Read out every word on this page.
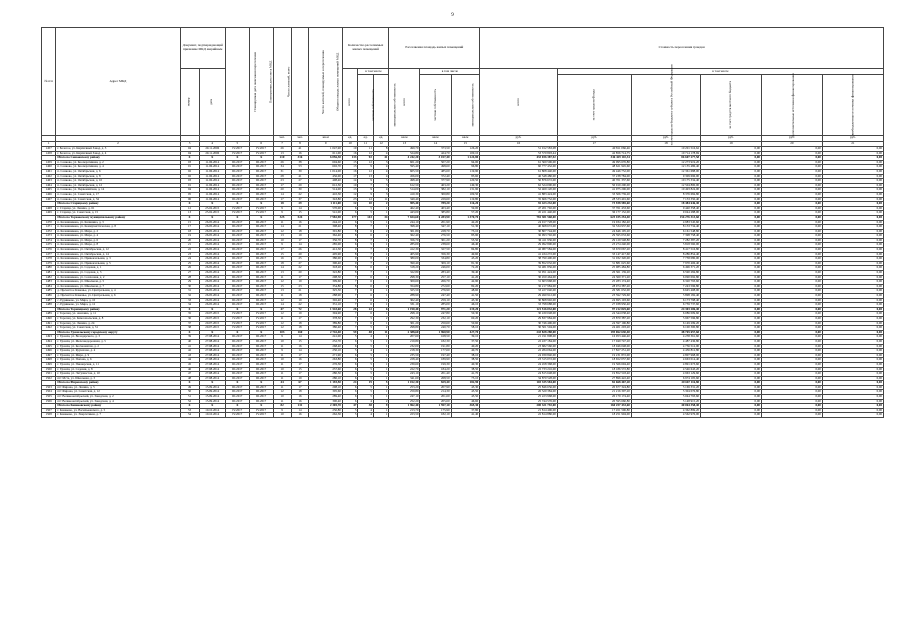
9
№ п/п	Адрес МКД	Документ, подтверждающий признание МКД аварийным		Планируемая дата окончания переселения	Планируемая дата сноса МКД	Число жителей, всего	Число жителей, планируемых к переселению	Общая площадь жилых помещений МКД	Количество расселяемых жилых помещений			Расселяемая площадь жилых помещений			Стоимость переселения граждан					
		номер	дата						всего	в том числе		всего	в том числе		всего	в том числе				
										частная собственность	муниципальная собственность		частная собственность	муниципальная собственность		за счет средств Фонда	за счет средств бюджета субъекта Российской Федерации	за счет средств местного бюджета	дополнительные источники финансирования	внебюджетные источники финансирования
						чел.	чел.	кв.м	ед.	ед.	ед.	кв.м	кв.м	кв.м	руб.	руб.	руб.	руб.	руб.	руб.
1	2	3	4	5	6	7	8	9	10	11	12	13	14	15	16	17	18	19	20	21
1457	г. Бологое, ул. Кирпичный Завод, д. 3	04	29.11.2006	IV.2017	IV.2017	26	41	1 047,90	19	11	8	499,70	373,50	126,20	51 012 583,08	40 811 066,46	10 201 516,62	0,00	0,00	0,00
1458	г. Бологое, ул. Кирпичный Завод, д. 4	04	29.11.2006	IV.2017	IV.2017	13	16	611,00	16	12	4	524,80	424,70	100,10	53 570 893,44	42 856 714,75	10 714 178,69	0,00	0,00	0,00
	Итого по Сонковскому району	X	X	X	X	210	316	6 056,30	133	92	41	4 242,20	3 017,40	1 224,80	433 036 387,92	346 429 110,34	86 607 277,58	0,00	0,00	0,00
1459	п. Сонково, ул. Кооперативная, д. 2	03	11.06.2014	III.2017	III.2017	26	38	604,60	15	12	3	601,20	507,20	94,00	61 369 596,00	49 095 676,80	12 273 919,20	0,00	0,00	0,00
1460	п. Сонково, ул. Кооперативная, д. 4	01	11.06.2014	III.2017	III.2017	34	53	602,70	13	9	4	595,40	498,60	96,80	60 777 432,00	48 621 945,60	12 155 486,40	0,00	0,00	0,00
1461	п. Сонково, ул. Октябрьская, д. 6	02	11.06.2014	III.2017	III.2017	31	39	1 014,00	16	12	4	605,50	485,60	119,90	61 808 440,00	49 446 752,00	12 361 688,00	0,00	0,00	0,00
1462	п. Сонково, ул. Октябрьская, д. 8	02	11.06.2014	III.2017	III.2017	28	41	456,00	17	13	4	456,00	372,40	83,60	46 548 480,00	37 238 784,00	9 309 696,00	0,00	0,00	0,00
1463	п. Сонково, ул. Октябрьская, д. 10	03	11.06.2014	III.2017	III.2017	23	27	498,40	14	9	5	498,40	377,90	120,50	50 876 672,00	40 701 337,60	10 175 334,40	0,00	0,00	0,00
1464	п. Сонково, ул. Октябрьская, д. 12	01	11.06.2014	III.2017	III.2017	17	29	612,50	10	7	3	612,50	463,20	149,30	62 524 000,00	50 019 200,00	12 504 800,00	0,00	0,00	0,00
1465	п. Сонково, ул. Первомайская, д. 14	04	11.06.2014	III.2017	III.2017	20	30	514,00	13	9	4	514,00	382,10	131,90	52 469 120,00	41 975 296,00	10 493 824,00	0,00	0,00	0,00
1466	п. Сонково, ул. Советская, д. 17	05	11.06.2014	III.2017	III.2017	14	22	410,30	12	9	3	410,30	300,80	109,50	41 883 424,00	33 506 739,20	8 376 684,80	0,00	0,00	0,00
1467	п. Сонково, ул. Советская, д. 34	06	11.06.2014	III.2017	III.2017	17	37	343,80	23	12	11	349,40	229,60	119,80	35 666 752,00	28 533 401,60	7 133 350,40	0,00	0,00	0,00
	Итого по Старицкому району	X	X	X	X	18	29	1 111,00	12	10	2	905,40	789,20	116,20	92 423 232,00	73 938 585,60	18 484 646,40	0,00	0,00	0,00
1468	г. Старица, ул. Ленина, д. 61	12	25.02.2015	IV.2017	IV.2017	9	14	570,00	6	5	1	462,40	403,40	59,00	47 201 792,00	37 761 433,60	9 440 358,40	0,00	0,00	0,00
1469	г. Старица, ул. Советская, д. 15	13	25.02.2015	IV.2017	IV.2017	9	15	541,00	6	5	1	443,00	385,80	57,20	45 221 440,00	36 177 152,00	9 044 288,00	0,00	0,00	0,00
	Итого по Торжокскому муниципальному району	X	X	X	X	325	524	7 982,90	177	143	34	7 654,60	6 283,90	1 370,70	781 381 568,00	625 105 254,40	156 276 313,60	0,00	0,00	0,00
1470	п. Калашниково, ул. Калинина, д. 3	15	26.05.2014	III.2017	III.2017	11	16	244,10	6	5	1	244,10	201,90	42,20	24 917 728,00	19 934 182,40	4 983 545,60	0,00	0,00	0,00
1471	п. Калашниково, ул. Коммунистическая, д. 8	17	26.05.2014	III.2017	III.2017	14	21	398,40	8	7	1	398,40	347,10	51,30	40 668 672,00	32 534 937,60	8 133 734,40	0,00	0,00	0,00
1472	п. Калашниково, ул. Мира, д. 2	18	26.05.2014	III.2017	III.2017	12	18	301,80	8	6	2	301,80	228,70	73,10	30 807 744,00	24 646 195,20	6 161 548,80	0,00	0,00	0,00
1473	п. Калашниково, ул. Мира, д. 4	19	26.05.2014	III.2017	III.2017	13	19	362,40	8	6	2	362,40	276,50	85,90	36 993 792,00	29 595 033,60	7 398 758,40	0,00	0,00	0,00
1474	п. Калашниково, ул. Мира, д. 6	20	26.05.2014	III.2017	III.2017	10	17	356,70	8	7	1	356,70	301,20	55,50	36 411 936,00	29 129 548,80	7 282 387,20	0,00	0,00	0,00
1475	п. Калашниково, ул. Мира, д. 8	21	26.05.2014	III.2017	III.2017	9	14	285,00	6	5	1	285,00	238,60	46,40	29 092 800,00	23 274 240,00	5 818 560,00	0,00	0,00	0,00
1476	п. Калашниково, ул. Октябрьская, д. 12	22	26.05.2014	III.2017	III.2017	17	26	412,30	9	7	2	412,30	327,50	84,80	42 087 584,00	33 670 067,20	8 417 516,80	0,00	0,00	0,00
1477	п. Калашниково, ул. Октябрьская, д. 14	23	26.05.2014	III.2017	III.2017	15	20	405,90	8	7	1	405,90	356,30	49,60	41 434 272,00	33 147 417,60	8 286 854,40	0,00	0,00	0,00
1478	п. Калашниково, ул. Привокзальная, д. 3	24	26.05.2014	III.2017	III.2017	16	25	380,00	9	8	1	380,00	334,80	45,20	38 790 400,00	31 032 320,00	7 758 080,00	0,00	0,00	0,00
1479	п. Калашниково, ул. Привокзальная, д. 5	25	26.05.2014	III.2017	III.2017	18	27	390,40	9	7	2	390,40	309,10	81,30	39 852 032,00	31 881 625,60	7 970 406,40	0,00	0,00	0,00
1480	п. Калашниково, ул. Садовая, д. 1	26	26.05.2014	III.2017	III.2017	14	22	318,20	8	6	2	318,20	246,00	72,20	32 481 856,00	25 985 484,80	6 496 371,20	0,00	0,00	0,00
1481	п. Калашниково, ул. Садовая, д. 3	27	26.05.2014	III.2017	III.2017	13	20	322,80	8	7	1	322,80	283,40	39,40	32 951 424,00	26 361 139,20	6 590 284,80	0,00	0,00	0,00
1482	п. Калашниково, ул. Совхозная, д. 2	28	26.05.2014	III.2017	III.2017	11	17	298,30	7	6	1	298,30	257,10	41,20	30 450 464,00	24 360 371,20	6 090 092,80	0,00	0,00	0,00
1483	п. Калашниково, ул. Школьная, д. 5	29	26.05.2014	III.2017	III.2017	12	19	309,60	7	6	1	309,60	266,70	42,90	31 603 968,00	25 283 174,40	6 320 793,60	0,00	0,00	0,00
1484	п. Калашниково, ул. Школьная, д. 7	30	26.05.2014	III.2017	III.2017	15	23	354,80	8	6	2	354,80	272,60	82,20	36 217 984,00	28 974 387,20	7 243 596,80	0,00	0,00	0,00
1485	д. Пречистое Каменье, ул. Центральная, д. 4	31	26.05.2014	III.2017	III.2017	13	21	325,50	7	6	1	325,50	276,90	48,60	33 227 040,00	26 581 632,00	6 645 408,00	0,00	0,00	0,00
1486	д. Пречистое Каменье, ул. Центральная, д. 6	32	26.05.2014	III.2017	III.2017	11	18	288,90	7	6	1	288,90	247,40	41,50	29 490 912,00	23 592 729,60	5 898 182,40	0,00	0,00	0,00
1487	с. Рудниково, ул. Мира, д. 10	33	26.05.2014	III.2017	III.2017	12	19	302,40	7	6	1	302,40	259,10	43,30	30 868 992,00	24 695 193,60	6 173 798,40	0,00	0,00	0,00
1488	с. Рудниково, ул. Мира, д. 12	34	26.05.2014	III.2017	III.2017	14	22	331,10	7	6	1	331,10	285,00	46,10	33 798 688,00	27 038 950,40	6 759 737,60	0,00	0,00	0,00
	Итого по Торопецкому району	X	X	X	X	47	72	1 543,60	28	22	6	1 190,40	971,20	219,20	121 516 032,00	97 212 825,60	24 303 206,40	0,00	0,00	0,00
1489	г. Торопец, ул. Анохина, д. 11	35	20.07.2015	IV.2017	IV.2017	12	19	394,90	7	6	1	298,10	247,80	50,30	30 430 048,00	24 344 038,40	6 086 009,60	0,00	0,00	0,00
1490	г. Торопец, ул. Комсомольская, д. 8	36	20.07.2015	IV.2017	IV.2017	11	17	378,50	7	5	2	292,30	232,10	60,20	29 837 984,00	23 870 387,20	5 967 596,80	0,00	0,00	0,00
1491	г. Торопец, ул. Ленина, д. 24	37	20.07.2015	IV.2017	IV.2017	12	18	389,80	7	6	1	301,20	250,60	50,60	30 746 496,00	24 597 196,80	6 149 299,20	0,00	0,00	0,00
1492	г. Торопец, ул. Советская, д. 31	38	20.07.2015	IV.2017	IV.2017	12	18	380,40	7	5	2	298,80	240,70	58,10	30 501 504,00	24 401 203,20	6 100 300,80	0,00	0,00	0,00
	Итого по Удомельскому городскому округу	X	X	X	X	103	160	2 742,40	59	48	11	2 388,60	1 960,90	427,70	243 828 288,00	195 062 630,40	48 765 657,60	0,00	0,00	0,00
1493	г. Удомля, ул. Володарского, д. 3	39	27.08.2014	III.2017	III.2017	9	14	241,00	5	4	1	207,60	168,50	39,10	21 191 808,00	16 953 446,40	4 238 361,60	0,00	0,00	0,00
1494	г. Удомля, ул. Железнодорожная, д. 5	40	27.08.2014	III.2017	III.2017	10	15	252,70	6	5	1	219,80	182,30	37,50	22 437 184,00	17 949 747,20	4 487 436,80	0,00	0,00	0,00
1495	г. Удомля, ул. Космонавтов, д. 2	41	27.08.2014	III.2017	III.2017	11	16	268,40	6	5	1	232,00	191,80	40,20	23 682 560,00	18 946 048,00	4 736 512,00	0,00	0,00	0,00
1496	г. Удомля, ул. Курчатова, д. 4	42	27.08.2014	III.2017	III.2017	9	14	250,10	5	4	1	218,30	177,60	40,70	22 284 064,00	17 827 251,20	4 456 812,80	0,00	0,00	0,00
1497	г. Удомля, ул. Мира, д. 9	43	27.08.2014	III.2017	III.2017	11	17	271,90	6	5	1	235,50	197,40	38,10	24 039 840,00	19 231 872,00	4 807 968,00	0,00	0,00	0,00
1498	г. Удомля, ул. Попова, д. 6	44	27.08.2014	III.2017	III.2017	10	16	263,80	6	5	1	228,40	189,90	38,50	23 315 072,00	18 652 057,60	4 663 014,40	0,00	0,00	0,00
1499	г. Удомля, ул. Пионерская, д. 11	45	27.08.2014	III.2017	III.2017	11	17	276,30	6	5	1	239,60	199,30	40,30	24 458 368,00	19 566 694,40	4 891 673,60	0,00	0,00	0,00
1500	г. Удомля, ул. Садовая, д. 8	46	27.08.2014	III.2017	III.2017	10	15	257,60	6	5	1	222,70	184,20	38,50	22 733 216,00	18 186 572,80	4 546 643,20	0,00	0,00	0,00
1501	г. Удомля, ул. Энтузиастов, д. 10	47	27.08.2014	III.2017	III.2017	11	17	280,50	6	5	1	243,10	201,40	41,70	24 815 648,00	19 852 518,40	4 963 129,60	0,00	0,00	0,00
1502	пгт Мста, ул. Школьная, д. 3	48	27.08.2014	III.2017	III.2017	11	19	280,10	6	5	1	341,60	268,50	73,10	34 870 528,00	27 896 422,40	6 974 105,60	0,00	0,00	0,00
	Итого по Фировскому району	X	X	X	X	44	67	1 193,50	24	19	5	1 012,30	829,40	182,90	103 335 584,00	82 668 467,20	20 667 116,80	0,00	0,00	0,00
1503	пгт Фирово, ул. Ленина, д. 5	49	15.09.2014	III.2017	III.2017	11	17	298,10	6	5	1	253,20	207,90	45,30	25 846 656,00	20 677 324,80	5 169 331,20	0,00	0,00	0,00
1504	пгт Фирово, ул. Советская, д. 12	50	15.09.2014	III.2017	III.2017	12	18	305,60	6	5	1	259,80	214,30	45,50	26 520 384,00	21 216 307,20	5 304 076,80	0,00	0,00	0,00
1505	пгт Великооктябрьский, ул. Заводская, д. 2	51	15.09.2014	III.2017	III.2017	10	16	289,40	6	5	1	247,10	201,60	45,50	25 223 968,00	20 179 174,40	5 044 793,60	0,00	0,00	0,00
1506	пгт Великооктябрьский, ул. Заводская, д. 4	52	15.09.2014	III.2017	III.2017	11	16	300,40	6	4	2	252,20	205,60	46,60	25 744 576,00	20 595 660,80	5 148 915,20	0,00	0,00	0,00
	Итого по Конаковскому району	X	X	X	X	82	131	2 305,70	47	38	9	1 962,40	1 597,10	365,30	200 321 792,00	160 257 433,60	40 064 358,40	0,00	0,00	0,00
1507	г. Конаково, ул. Васильковского, д. 5	53	10.10.2014	IV.2017	IV.2017	9	14	250,80	5	4	1	213,70	175,90	37,80	21 814 496,00	17 451 596,80	4 362 899,20	0,00	0,00	0,00
1508	г. Конаково, ул. Энергетиков, д. 7	54	10.10.2014	IV.2017	IV.2017	10	16	262,30	5	4	1	223,50	182,10	41,40	22 814 880,00	18 251 904,00	4 562 976,00	0,00	0,00	0,00
